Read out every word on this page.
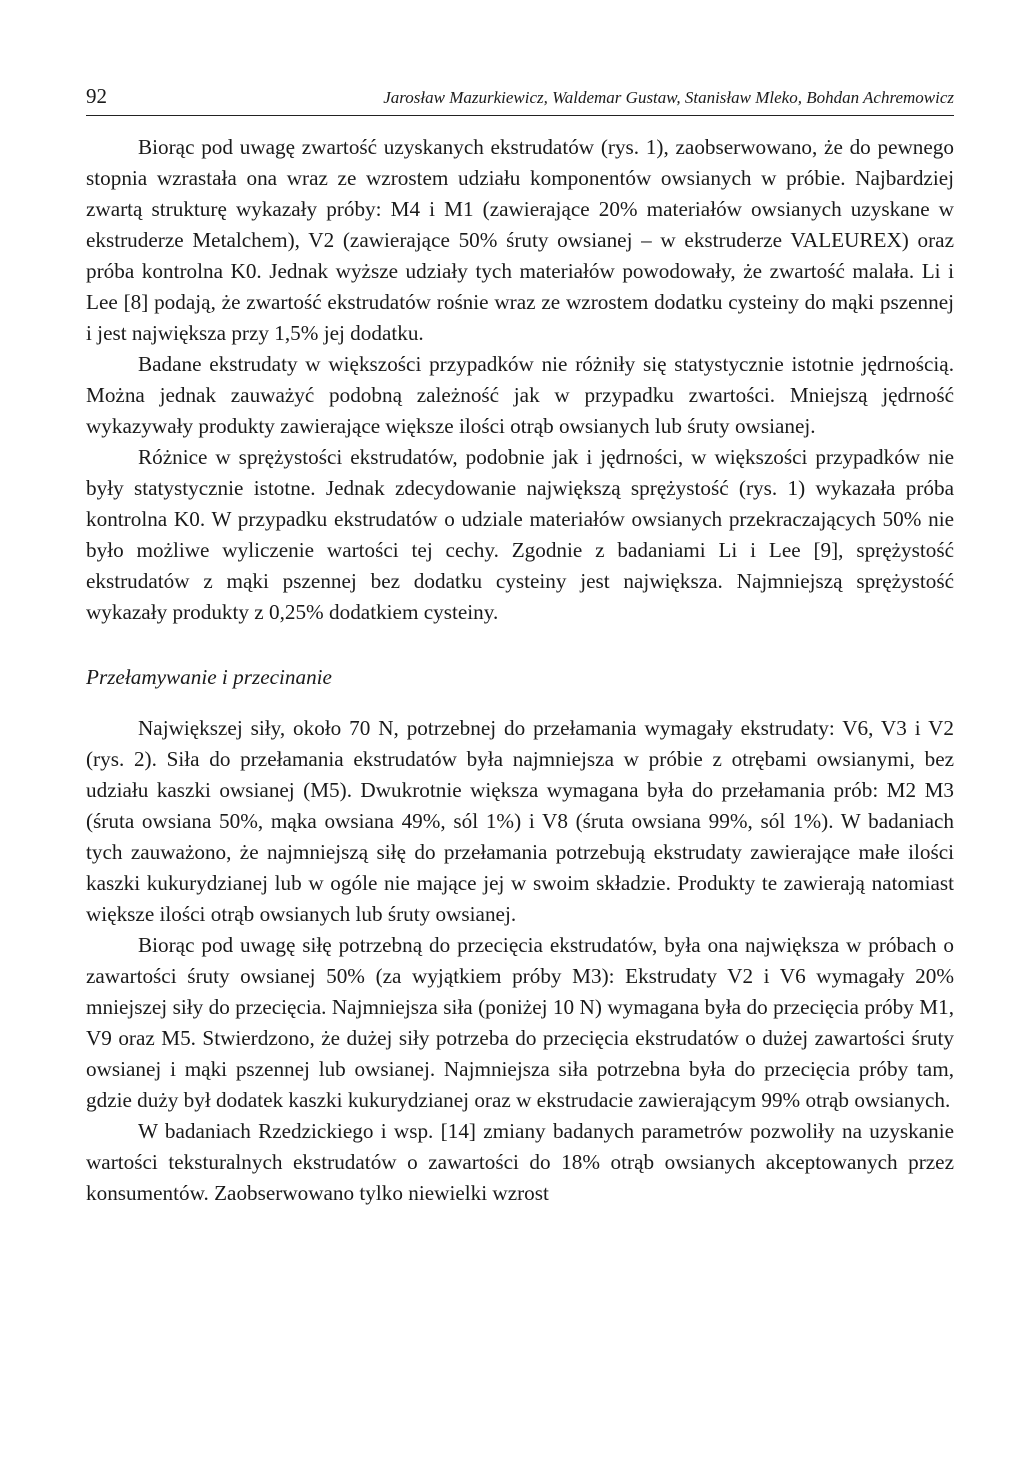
92	Jarosław Mazurkiewicz, Waldemar Gustaw, Stanisław Mleko, Bohdan Achremowicz

Biorąc pod uwagę zwartość uzyskanych ekstrudatów (rys. 1), zaobserwowano, że do pewnego stopnia wzrastała ona wraz ze wzrostem udziału komponentów owsianych w próbie. Najbardziej zwartą strukturę wykazały próby: M4 i M1 (zawierające 20% materiałów owsianych uzyskane w ekstruderze Metalchem), V2 (zawierające 50% śruty owsianej – w ekstruderze VALEUREX) oraz próba kontrolna K0. Jednak wyższe udziały tych materiałów powodowały, że zwartość malała. Li i Lee [8] podają, że zwartość ekstrudatów rośnie wraz ze wzrostem dodatku cysteiny do mąki pszennej i jest największa przy 1,5% jej dodatku.

Badane ekstrudaty w większości przypadków nie różniły się statystycznie istotnie jędrnością. Można jednak zauważyć podobną zależność jak w przypadku zwartości. Mniejszą jędrność wykazywały produkty zawierające większe ilości otrąb owsianych lub śruty owsianej.

Różnice w sprężystości ekstrudatów, podobnie jak i jędrności, w większości przypadków nie były statystycznie istotne. Jednak zdecydowanie największą sprężystość (rys. 1) wykazała próba kontrolna K0. W przypadku ekstrudatów o udziale materiałów owsianych przekraczających 50% nie było możliwe wyliczenie wartości tej cechy. Zgodnie z badaniami Li i Lee [9], sprężystość ekstrudatów z mąki pszennej bez dodatku cysteiny jest największa. Najmniejszą sprężystość wykazały produkty z 0,25% dodatkiem cysteiny.

Przełamywanie i przecinanie

Największej siły, około 70 N, potrzebnej do przełamania wymagały ekstrudaty: V6, V3 i V2 (rys. 2). Siła do przełamania ekstrudatów była najmniejsza w próbie z otrębami owsianymi, bez udziału kaszki owsianej (M5). Dwukrotnie większa wymagana była do przełamania prób: M2 M3 (śruta owsiana 50%, mąka owsiana 49%, sól 1%) i V8 (śruta owsiana 99%, sól 1%). W badaniach tych zauważono, że najmniejszą siłę do przełamania potrzebują ekstrudaty zawierające małe ilości kaszki kukurydzianej lub w ogóle nie mające jej w swoim składzie. Produkty te zawierają natomiast większe ilości otrąb owsianych lub śruty owsianej.

Biorąc pod uwagę siłę potrzebną do przecięcia ekstrudatów, była ona największa w próbach o zawartości śruty owsianej 50% (za wyjątkiem próby M3): Ekstrudaty V2 i V6 wymagały 20% mniejszej siły do przecięcia. Najmniejsza siła (poniżej 10 N) wymagana była do przecięcia próby M1, V9 oraz M5. Stwierdzono, że dużej siły potrzeba do przecięcia ekstrudatów o dużej zawartości śruty owsianej i mąki pszennej lub owsianej. Najmniejsza siła potrzebna była do przecięcia próby tam, gdzie duży był dodatek kaszki kukurydzianej oraz w ekstrudacie zawierającym 99% otrąb owsianych.

W badaniach Rzedzickiego i wsp. [14] zmiany badanych parametrów pozwoliły na uzyskanie wartości teksturalnych ekstrudatów o zawartości do 18% otrąb owsianych akceptowanych przez konsumentów. Zaobserwowano tylko niewielki wzrost
